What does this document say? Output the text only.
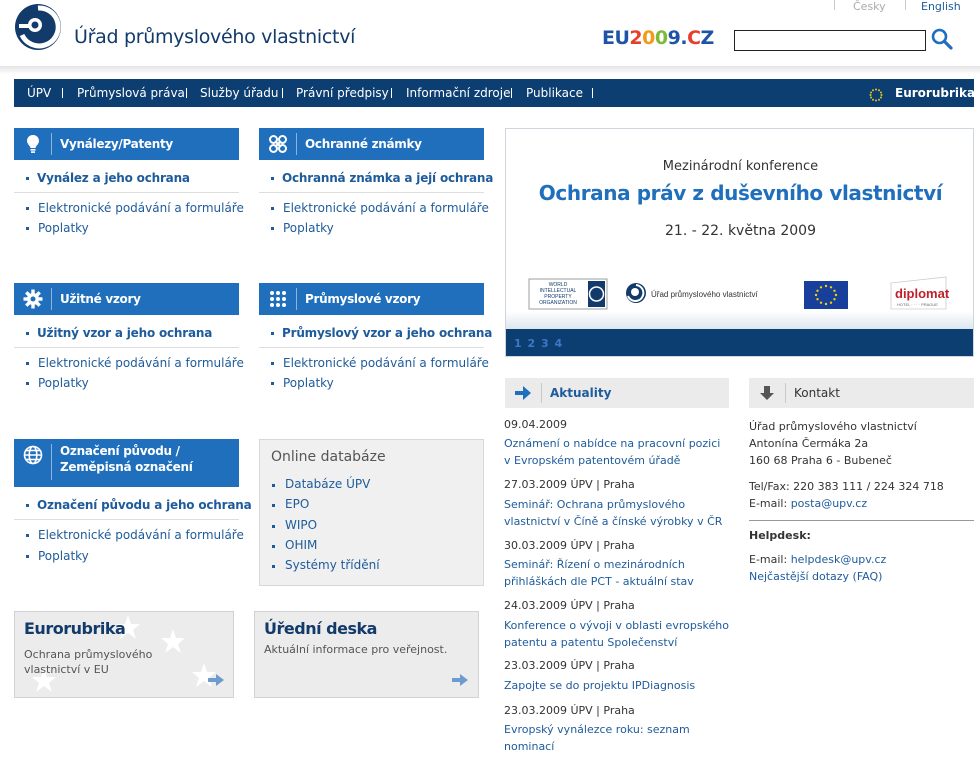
Úřad průmyslového vlastnictví
Česky	English
EU2009.CZ
ÚPV Průmyslová práva Služby úřadu Právní předpisy Informační zdroje Publikace	Eurorubrika
Vynálezy/Patenty
Vynález a jeho ochrana
Elektronické podávání a formuláře
Poplatky
Ochranné známky
Ochranná známka a její ochrana
Elektronické podávání a formuláře
Poplatky
Užitné vzory
Užitný vzor a jeho ochrana
Elektronické podávání a formuláře
Poplatky
Průmyslové vzory
Průmyslový vzor a jeho ochrana
Elektronické podávání a formuláře
Poplatky
Označení původu /
Zeměpisná označení
Označení původu a jeho ochrana
Elektronické podávání a formuláře
Poplatky
Online databáze
Databáze ÚPV
EPO
WIPO
OHIM
Systémy třídění
Eurorubrika
Ochrana průmyslového
vlastnictví v EU
Úřední deska
Aktuální informace pro veřejnost.
Mezinárodní konference
Ochrana práv z duševního vlastnictví
21. - 22. května 2009
WORLD
INTELLECTUAL
PROPERTY
ORGANIZATION
Úřad průmyslového vlastnictví	diplomat
HOTEL · · · · PRAGUE
1 2 3 4
Aktuality
09.04.2009
Oznámení o nabídce na pracovní pozici v Evropském patentovém úřadě
27.03.2009 ÚPV | Praha
Seminář: Ochrana průmyslového vlastnictví v Číně a čínské výrobky v ČR
30.03.2009 ÚPV | Praha
Seminář: Řízení o mezinárodních přihláškách dle PCT - aktuální stav
24.03.2009 ÚPV | Praha
Konference o vývoji v oblasti evropského patentu a patentu Společenství
23.03.2009 ÚPV | Praha
Zapojte se do projektu IPDiagnosis
23.03.2009 ÚPV | Praha
Evropský vynálezce roku: seznam nominací
Kontakt
Úřad průmyslového vlastnictví
Antonína Čermáka 2a
160 68 Praha 6 - Bubeneč
Tel/Fax: 220 383 111 / 224 324 718
E-mail: posta@upv.cz
Helpdesk:
E-mail: helpdesk@upv.cz
Nejčastější dotazy (FAQ)
